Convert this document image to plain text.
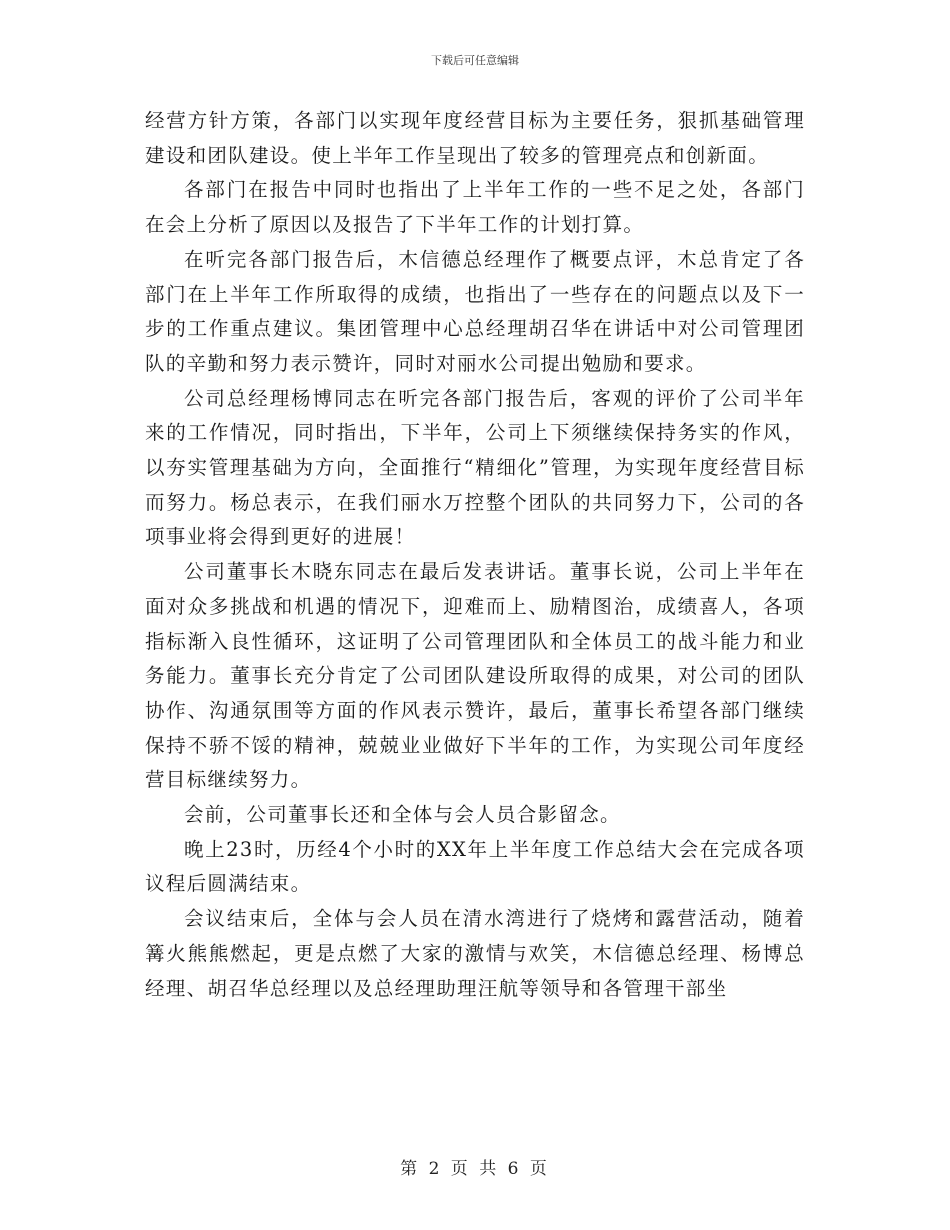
下载后可任意编辑

经营方针方策，各部门以实现年度经营目标为主要任务，狠抓基础管理建设和团队建设。使上半年工作呈现出了较多的管理亮点和创新面。

各部门在报告中同时也指出了上半年工作的一些不足之处，各部门在会上分析了原因以及报告了下半年工作的计划打算。

在听完各部门报告后，木信德总经理作了概要点评，木总肯定了各部门在上半年工作所取得的成绩，也指出了一些存在的问题点以及下一步的工作重点建议。集团管理中心总经理胡召华在讲话中对公司管理团队的辛勤和努力表示赞许，同时对丽水公司提出勉励和要求。

公司总经理杨博同志在听完各部门报告后，客观的评价了公司半年来的工作情况，同时指出，下半年，公司上下须继续保持务实的作风，以夯实管理基础为方向，全面推行“精细化”管理，为实现年度经营目标而努力。杨总表示，在我们丽水万控整个团队的共同努力下，公司的各项事业将会得到更好的进展！

公司董事长木晓东同志在最后发表讲话。董事长说，公司上半年在面对众多挑战和机遇的情况下，迎难而上、励精图治，成绩喜人，各项指标渐入良性循环，这证明了公司管理团队和全体员工的战斗能力和业务能力。董事长充分肯定了公司团队建设所取得的成果，对公司的团队协作、沟通氛围等方面的作风表示赞许，最后，董事长希望各部门继续保持不骄不馁的精神，兢兢业业做好下半年的工作，为实现公司年度经营目标继续努力。

会前，公司董事长还和全体与会人员合影留念。

晚上23时，历经4个小时的XX年上半年度工作总结大会在完成各项议程后圆满结束。

会议结束后，全体与会人员在清水湾进行了烧烤和露营活动，随着篝火熊熊燃起，更是点燃了大家的激情与欢笑，木信德总经理、杨博总经理、胡召华总经理以及总经理助理汪航等领导和各管理干部坐

第 2 页 共 6 页
